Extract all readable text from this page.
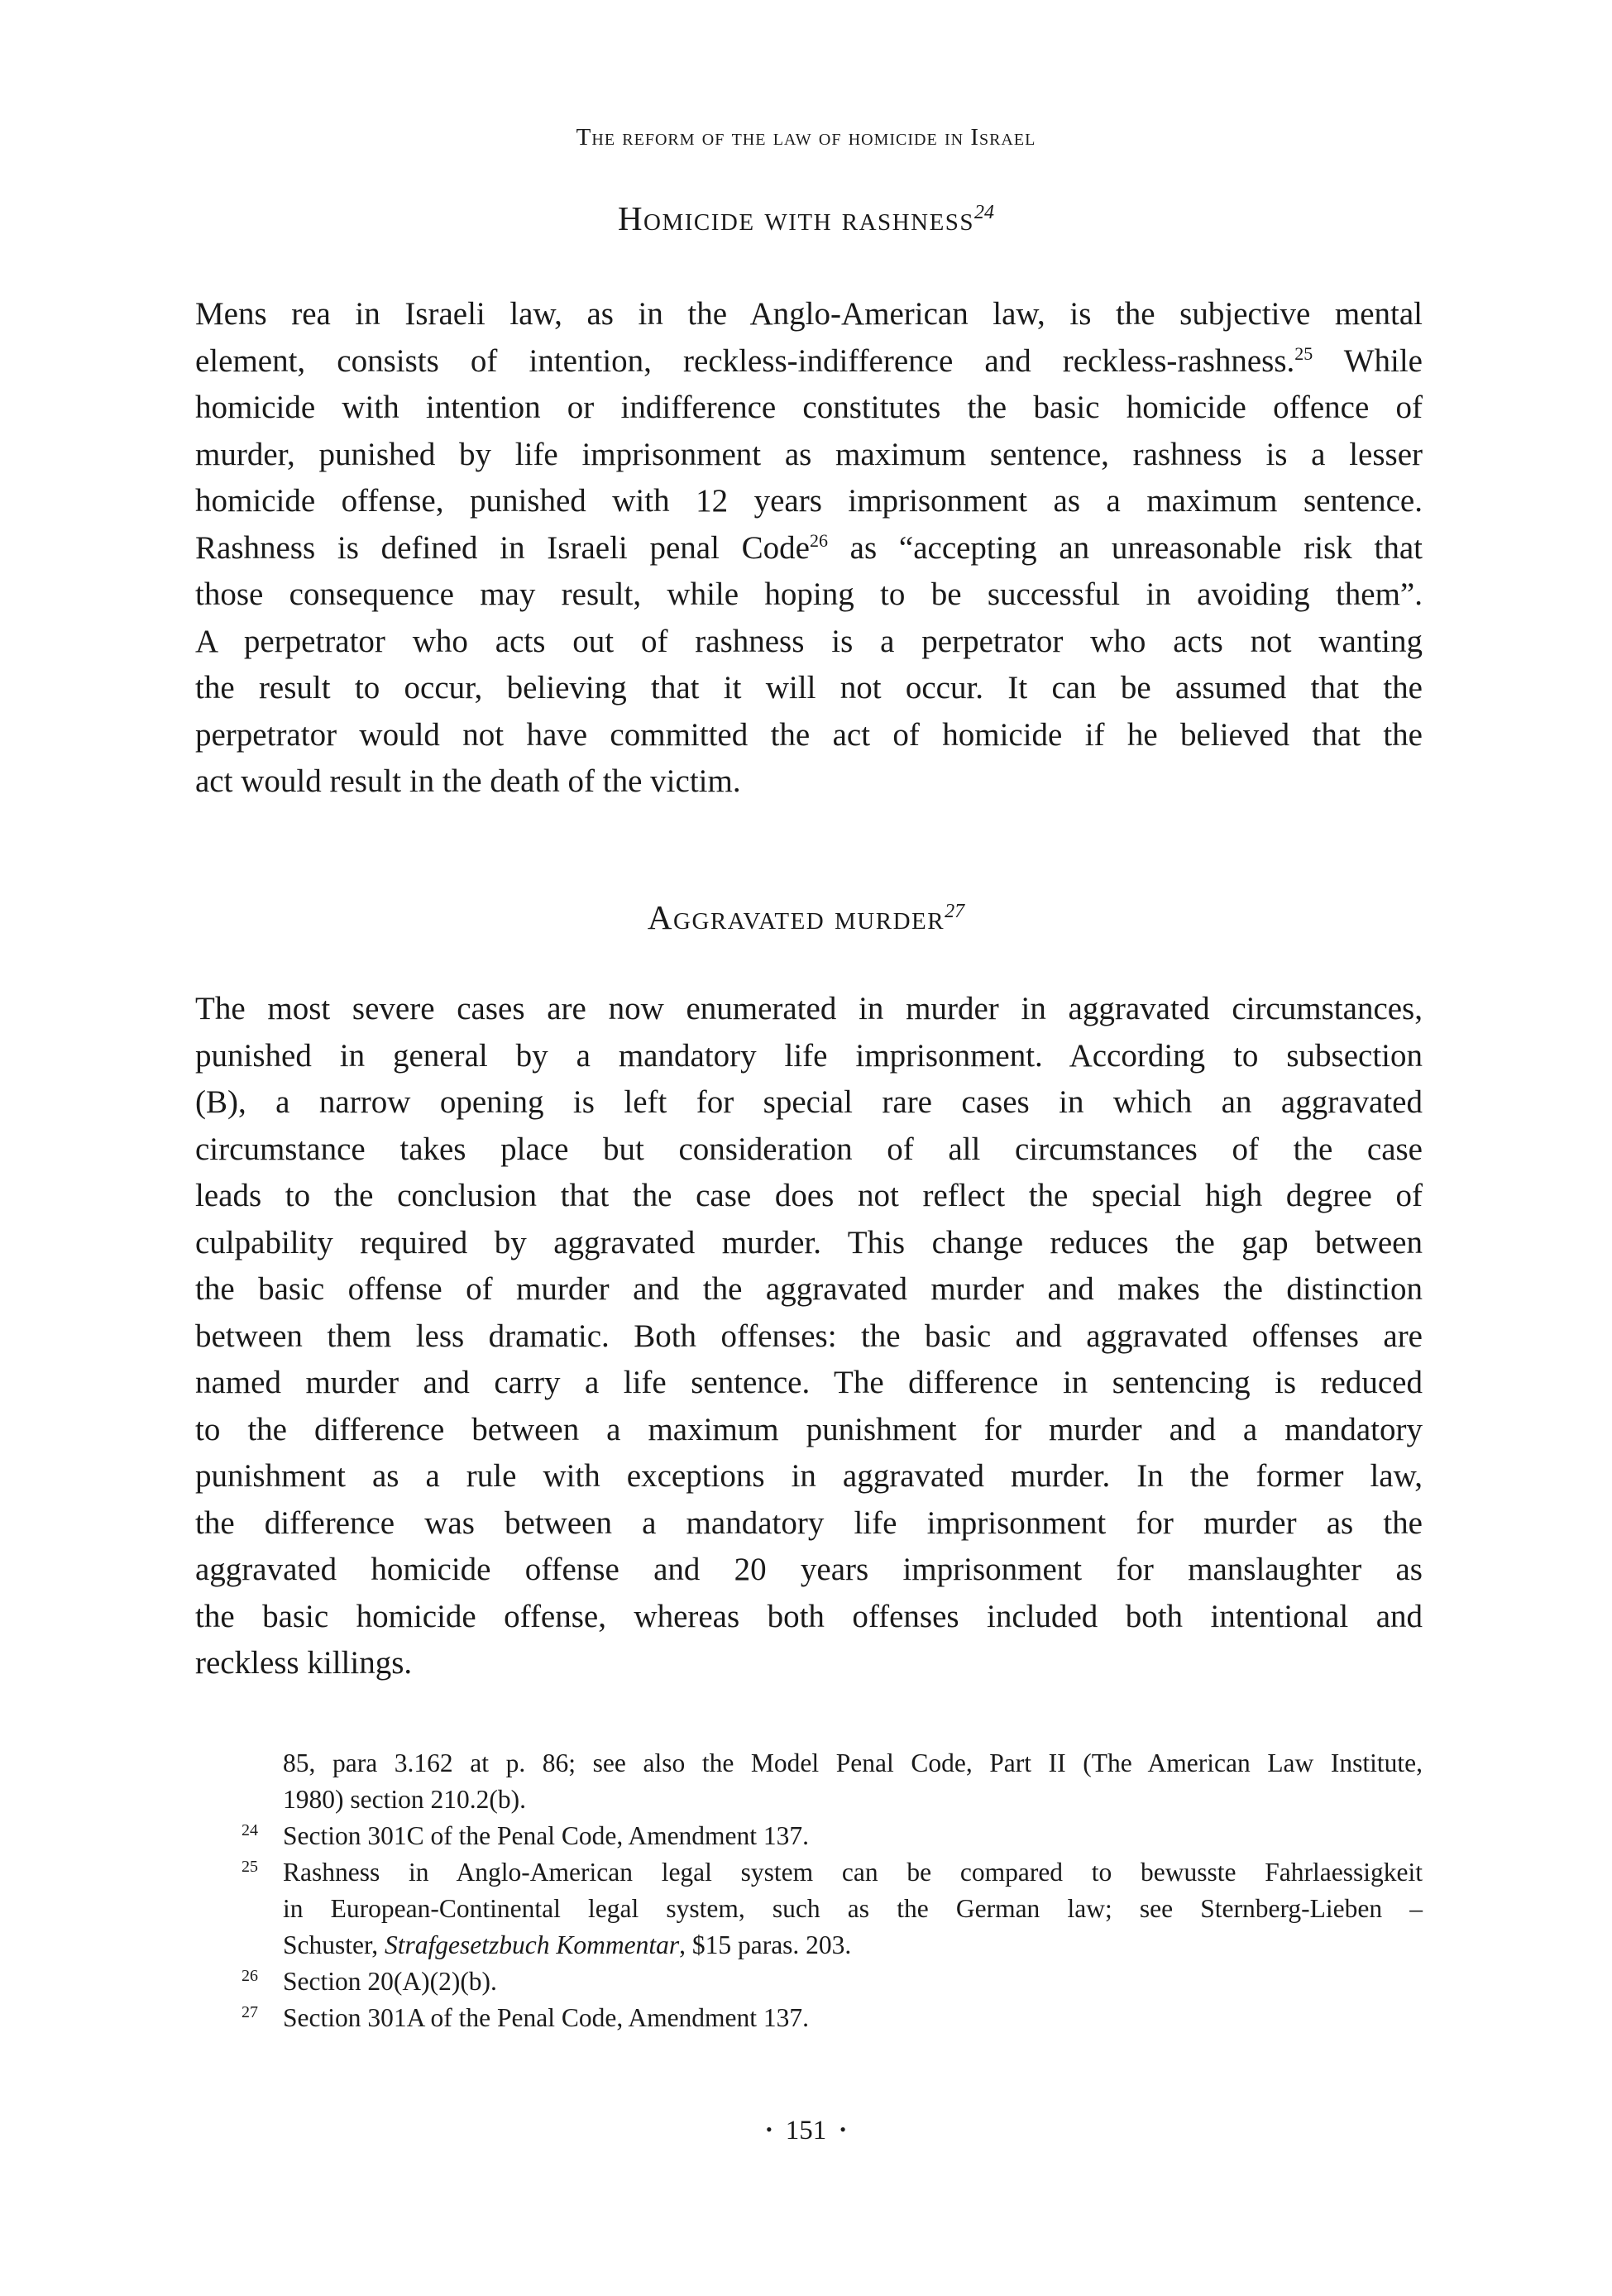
The reform of the law of homicide in Israel
Homicide with rashness$^{24}$
Mens rea in Israeli law, as in the Anglo-American law, is the subjective mental
element, consists of intention, reckless-indifference and reckless-rashness.$^{25}$ While
homicide with intention or indifference constitutes the basic homicide offence of
murder, punished by life imprisonment as maximum sentence, rashness is a lesser
homicide offense, punished with 12 years imprisonment as a maximum sentence.
Rashness is defined in Israeli penal Code$^{26}$ as “accepting an unreasonable risk that
those consequence may result, while hoping to be successful in avoiding them”.
A perpetrator who acts out of rashness is a perpetrator who acts not wanting
the result to occur, believing that it will not occur. It can be assumed that the
perpetrator would not have committed the act of homicide if he believed that the
act would result in the death of the victim.
Aggravated murder$^{27}$
The most severe cases are now enumerated in murder in aggravated circumstances,
punished in general by a mandatory life imprisonment. According to subsection
(B), a narrow opening is left for special rare cases in which an aggravated
circumstance takes place but consideration of all circumstances of the case
leads to the conclusion that the case does not reflect the special high degree of
culpability required by aggravated murder. This change reduces the gap between
the basic offense of murder and the aggravated murder and makes the distinction
between them less dramatic. Both offenses: the basic and aggravated offenses are
named murder and carry a life sentence. The difference in sentencing is reduced
to the difference between a maximum punishment for murder and a mandatory
punishment as a rule with exceptions in aggravated murder. In the former law,
the difference was between a mandatory life imprisonment for murder as the
aggravated homicide offense and 20 years imprisonment for manslaughter as
the basic homicide offense, whereas both offenses included both intentional and
reckless killings.
85, para 3.162 at p. 86; see also the Model Penal Code, Part II (The American Law Institute,
1980) section 210.2(b).
24 Section 301C of the Penal Code, Amendment 137.
25 Rashness in Anglo-American legal system can be compared to bewusste Fahrlaessigkeit
in European-Continental legal system, such as the German law; see Sternberg-Lieben –
Schuster, Strafgesetzbuch Kommentar, $15 paras. 203.
26 Section 20(A)(2)(b).
27 Section 301A of the Penal Code, Amendment 137.
• 151 •
